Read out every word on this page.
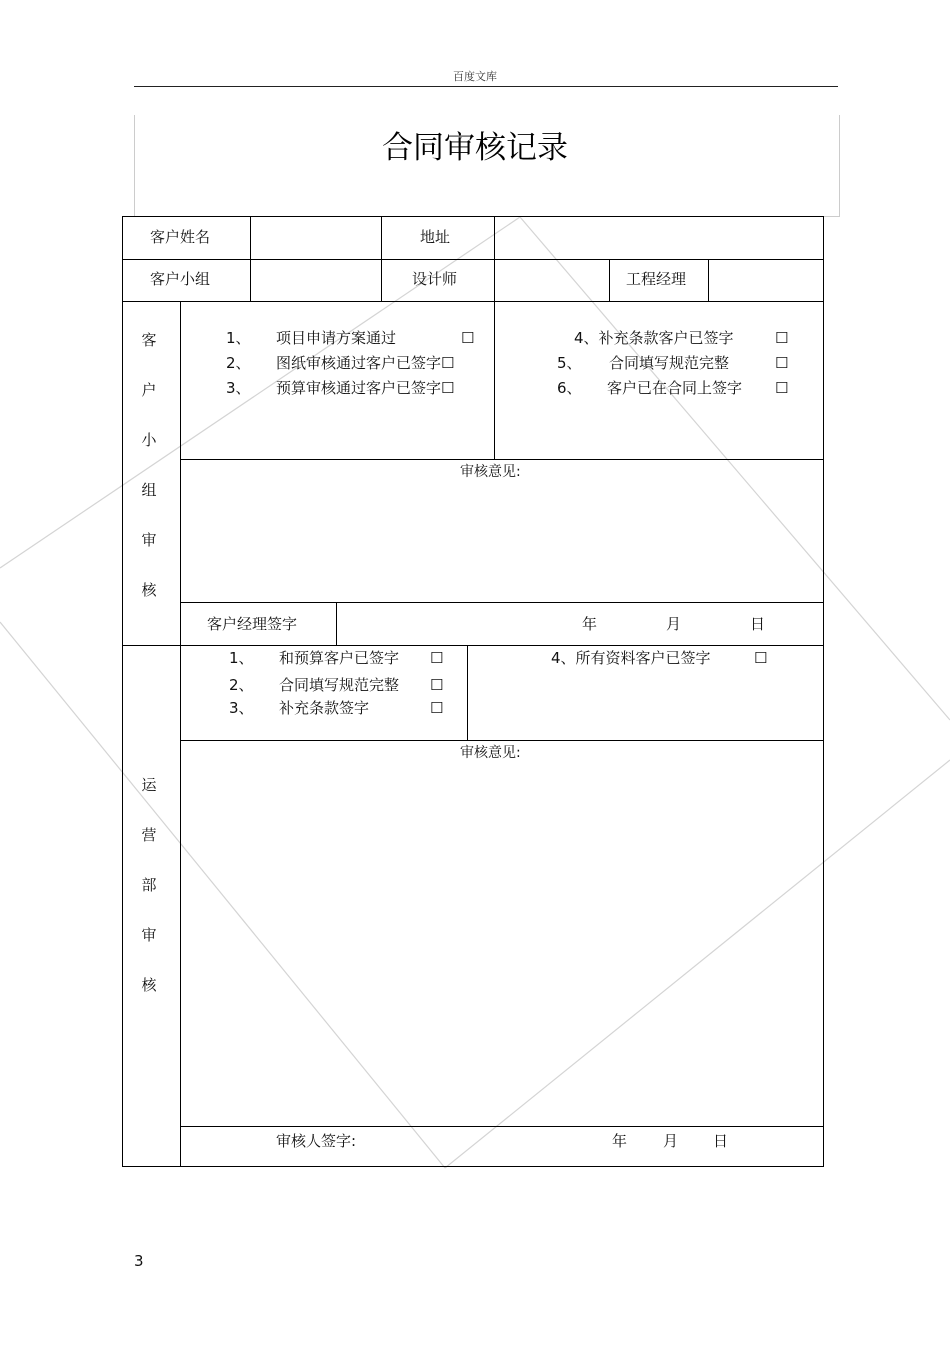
百度文库
合同审核记录
客户姓名	地址
客户小组	设计师	工程经理
客
户
小
组
审
核
1、 项目申请方案通过	☐
2、 图纸审核通过客户已签字☐
3、 预算审核通过客户已签字☐
4、补充条款客户已签字	☐
5、 合同填写规范完整	☐
6、 客户已在合同上签字 ☐
审核意见:
客户经理签字	年	月	日
运
营
部
审
核
1、 和预算客户已签字 ☐
2、 合同填写规范完整 ☐
3、 补充条款签字	☐
4、所有资料客户已签字	☐
审核意见:
审核人签字:	年 月 日
3
